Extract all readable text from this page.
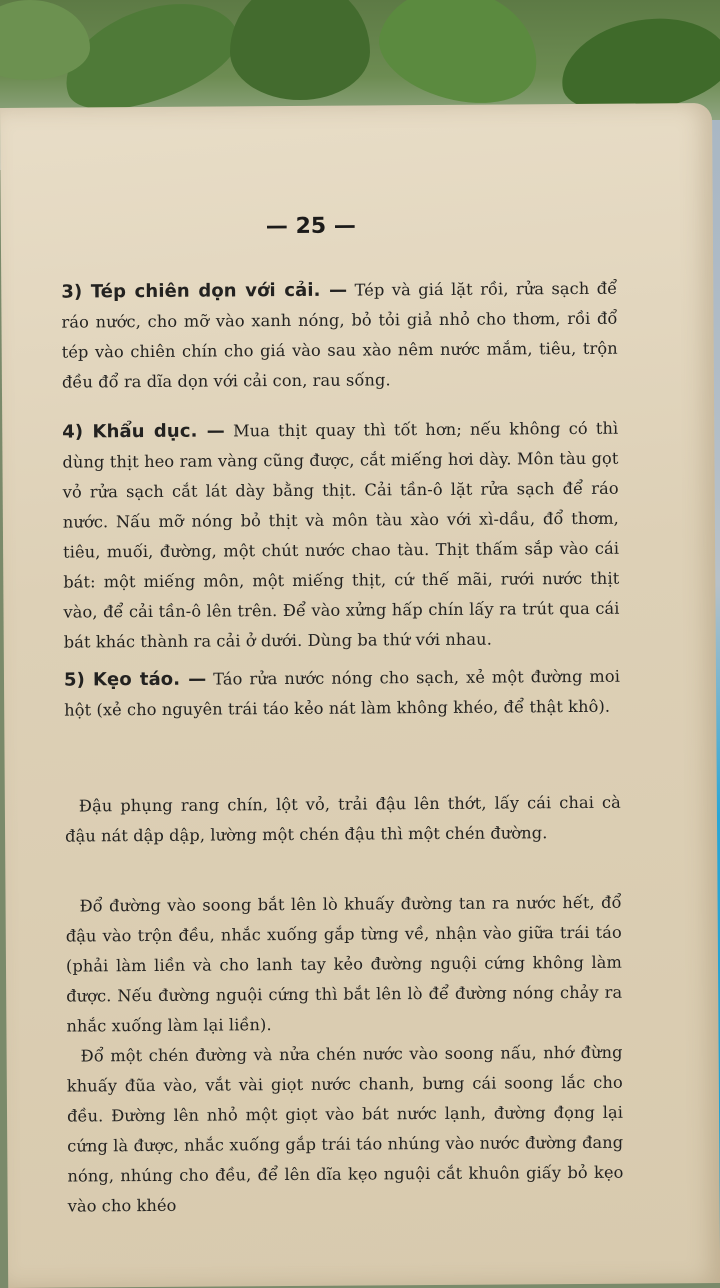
— 25 —
3) Tép chiên dọn với cải. — Tép và giá lặt rồi, rửa sạch để ráo nước, cho mỡ vào xanh nóng, bỏ tỏi giả nhỏ cho thơm, rồi đổ tép vào chiên chín cho giá vào sau xào nêm nước mắm, tiêu, trộn đều đổ ra dĩa dọn với cải con, rau sống.
4) Khẩu dục. — Mua thịt quay thì tốt hơn; nếu không có thì dùng thịt heo ram vàng cũng được, cắt miếng hơi dày. Môn tàu gọt vỏ rửa sạch cắt lát dày bằng thịt. Cải tần-ô lặt rửa sạch để ráo nước. Nấu mỡ nóng bỏ thịt và môn tàu xào với xì-dầu, đổ thơm, tiêu, muối, đường, một chút nước chao tàu. Thịt thấm sắp vào cái bát: một miếng môn, một miếng thịt, cứ thế mãi, rưới nước thịt vào, để cải tần-ô lên trên. Để vào xửng hấp chín lấy ra trút qua cái bát khác thành ra cải ở dưới. Dùng ba thứ với nhau.
5) Kẹo táo. — Táo rửa nước nóng cho sạch, xẻ một đường moi hột (xẻ cho nguyên trái táo kẻo nát làm không khéo, để thật khô).
Đậu phụng rang chín, lột vỏ, trải đậu lên thớt, lấy cái chai cà đậu nát dập dập, lường một chén đậu thì một chén đường.
Đổ đường vào soong bắt lên lò khuấy đường tan ra nước hết, đổ đậu vào trộn đều, nhắc xuống gắp từng về, nhận vào giữa trái táo (phải làm liền và cho lanh tay kẻo đường nguội cứng không làm được. Nếu đường nguội cứng thì bắt lên lò để đường nóng chảy ra nhắc xuống làm lại liền).
Đổ một chén đường và nửa chén nước vào soong nấu, nhớ đừng khuấy đũa vào, vắt vài giọt nước chanh, bưng cái soong lắc cho đều. Đường lên nhỏ một giọt vào bát nước lạnh, đường đọng lại cứng là được, nhắc xuống gắp trái táo nhúng vào nước đường đang nóng, nhúng cho đều, để lên dĩa kẹo nguội cắt khuôn giấy bỏ kẹo vào cho khéo
